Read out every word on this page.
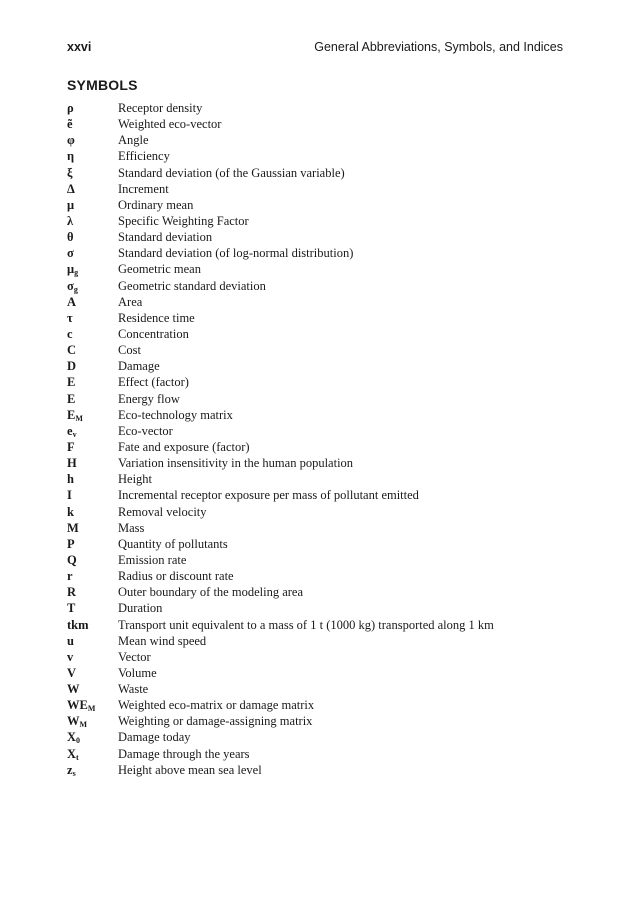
xxvi	General Abbreviations, Symbols, and Indices
SYMBOLS
ρ	Receptor density
ẽ	Weighted eco-vector
φ	Angle
η	Efficiency
ξ	Standard deviation (of the Gaussian variable)
Δ	Increment
μ	Ordinary mean
λ	Specific Weighting Factor
θ	Standard deviation
σ	Standard deviation (of log-normal distribution)
$\mu_g$	Geometric mean
$\sigma_g$	Geometric standard deviation
A	Area
τ	Residence time
c	Concentration
C	Cost
D	Damage
E	Effect (factor)
E	Energy flow
$E_M$	Eco-technology matrix
$e_v$	Eco-vector
F	Fate and exposure (factor)
H	Variation insensitivity in the human population
h	Height
I	Incremental receptor exposure per mass of pollutant emitted
k	Removal velocity
M	Mass
P	Quantity of pollutants
Q	Emission rate
r	Radius or discount rate
R	Outer boundary of the modeling area
T	Duration
tkm	Transport unit equivalent to a mass of 1 t (1000 kg) transported along 1 km
u	Mean wind speed
v	Vector
V	Volume
W	Waste
$WE_M$	Weighted eco-matrix or damage matrix
$W_M$	Weighting or damage-assigning matrix
$X_0$	Damage today
$X_t$	Damage through the years
$z_s$	Height above mean sea level
